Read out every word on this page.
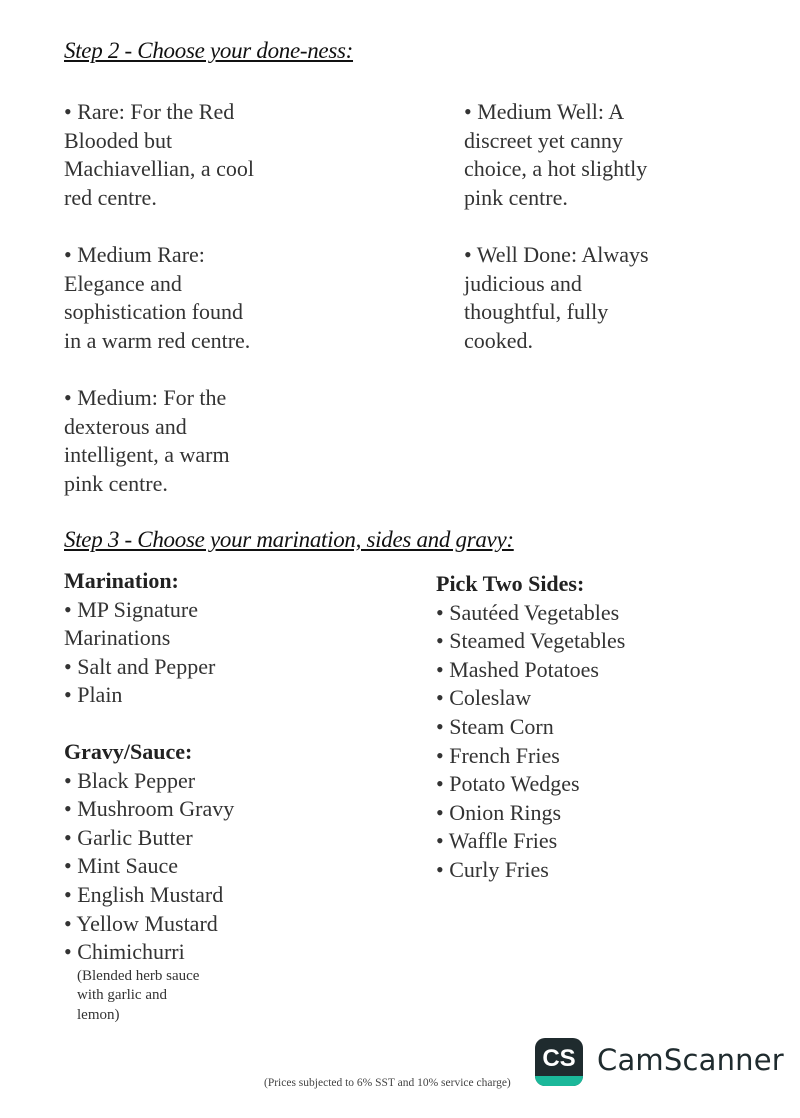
Step 2 - Choose your done-ness:
• Rare: For the Red
Blooded but
Machiavellian, a cool
red centre.
• Medium Rare:
Elegance and
sophistication found
in a warm red centre.
• Medium: For the
dexterous and
intelligent, a warm
pink centre.
• Medium Well: A
discreet yet canny
choice, a hot slightly
pink centre.
• Well Done: Always
judicious and
thoughtful, fully
cooked.
Step 3 - Choose your marination, sides and gravy:
Marination:
• MP Signature
Marinations
• Salt and Pepper
• Plain
Gravy/Sauce:
• Black Pepper
• Mushroom Gravy
• Garlic Butter
• Mint Sauce
• English Mustard
• Yellow Mustard
• Chimichurri
(Blended herb sauce
with garlic and
lemon)
Pick Two Sides:
• Sautéed Vegetables
• Steamed Vegetables
• Mashed Potatoes
• Coleslaw
• Steam Corn
• French Fries
• Potato Wedges
• Onion Rings
• Waffle Fries
• Curly Fries
(Prices subjected to 6% SST and 10% service charge)
CS CamScanner
